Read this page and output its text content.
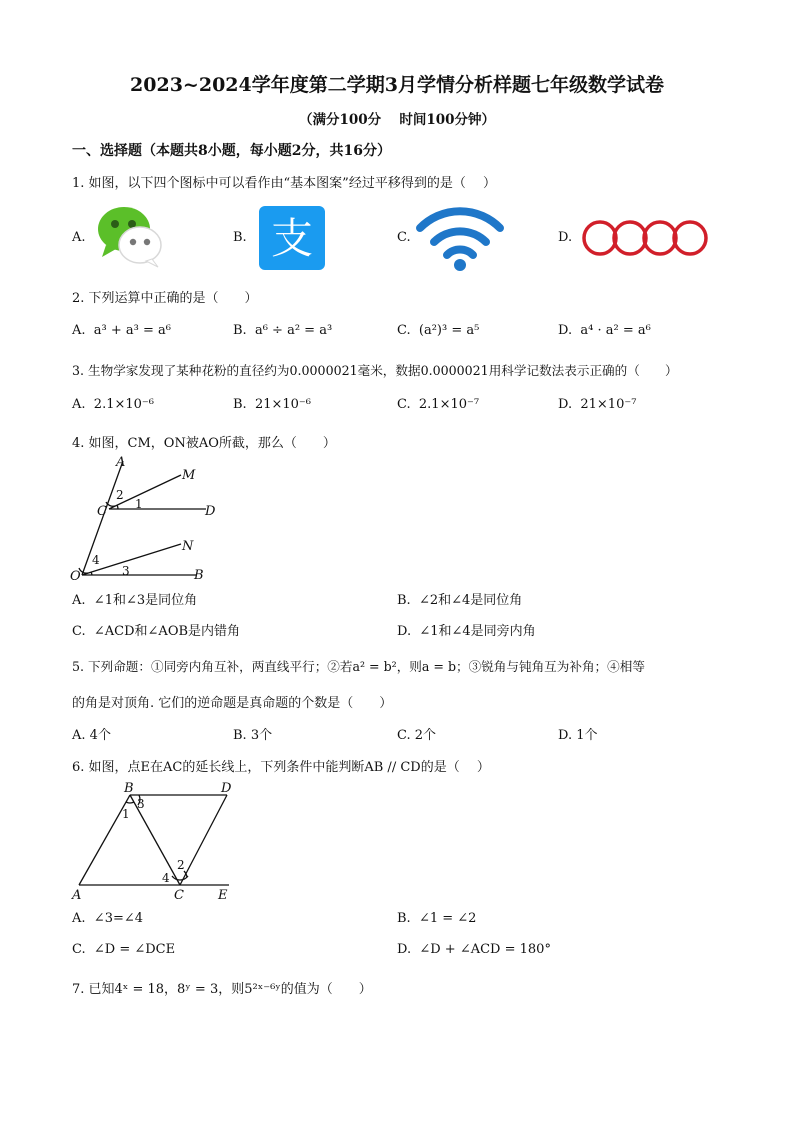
2023~2024学年度第二学期3月学情分析样题七年级数学试卷
（满分100分　 时间100分钟）
一、选择题（本题共8小题，每小题2分，共16分）
1. 如图，以下四个图标中可以看作由“基本图案”经过平移得到的是（　 ）
A.	B. 支	C.	D.
2. 下列运算中正确的是（　　）
A. a³ + a³ = a⁶	B. a⁶ ÷ a² = a³	C. (a²)³ = a⁵	D. a⁴ · a² = a⁶
3. 生物学家发现了某种花粉的直径约为0.0000021毫米，数据0.0000021用科学记数法表示正确的（　　）
A. 2.1×10⁻⁶	B. 21×10⁻⁶	C. 2.1×10⁻⁷	D. 21×10⁻⁷
4. 如图，CM，ON被AO所截，那么（　　）
A
M
C	D
N
O	B
1
2
3
4
A. ∠1和∠3是同位角	B. ∠2和∠4是同位角
C. ∠ACD和∠AOB是内错角	D. ∠1和∠4是同旁内角
5. 下列命题：①同旁内角互补，两直线平行；②若a² = b²，则a = b；③锐角与钝角互为补角；④相等
的角是对顶角. 它们的逆命题是真命题的个数是（　　）
A. 4个	B. 3个	C. 2个	D. 1个
6. 如图，点E在AC的延长线上，下列条件中能判断AB // CD的是（　 ）
B	D
A	C	E
3
1
2
4
A. ∠3=∠4	B. ∠1 = ∠2
C. ∠D = ∠DCE	D. ∠D + ∠ACD = 180°
7. 已知4ˣ = 18，8ʸ = 3，则5²ˣ⁻⁶ʸ的值为（　　）
